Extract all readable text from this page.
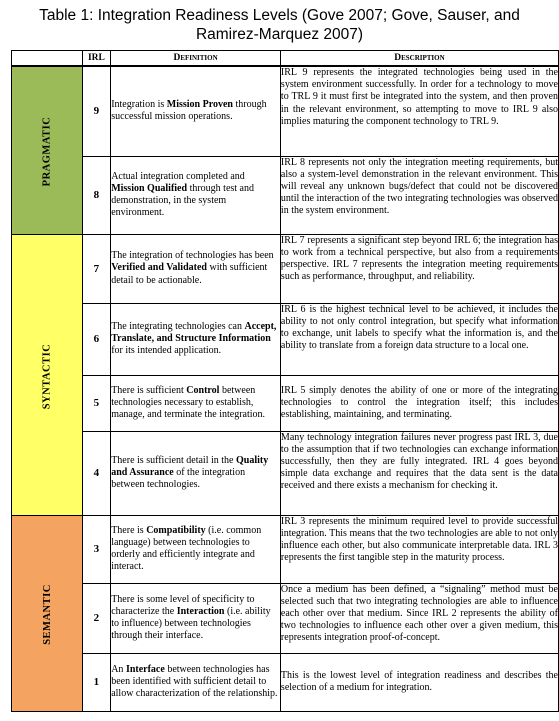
Table 1: Integration Readiness Levels (Gove 2007; Gove, Sauser, and
Ramirez-Marquez 2007)
	IRL	Definition	Description
PRAGMATIC	9	Integration is Mission Proven through successful mission operations.	IRL 9 represents the integrated technologies being used in the system environment successfully. In order for a technology to move to TRL 9 it must first be integrated into the system, and then proven in the relevant environment, so attempting to move to IRL 9 also implies maturing the component technology to TRL 9.
	8	Actual integration completed and Mission Qualified through test and demonstration, in the system environment.	IRL 8 represents not only the integration meeting requirements, but also a system-level demonstration in the relevant environment. This will reveal any unknown bugs/defect that could not be discovered until the interaction of the two integrating technologies was observed in the system environment.
SYNTACTIC	7	The integration of technologies has been Verified and Validated with sufficient detail to be actionable.	IRL 7 represents a significant step beyond IRL 6; the integration has to work from a technical perspective, but also from a requirements perspective. IRL 7 represents the integration meeting requirements such as performance, throughput, and reliability.
	6	The integrating technologies can Accept, Translate, and Structure Information for its intended application.	IRL 6 is the highest technical level to be achieved, it includes the ability to not only control integration, but specify what information to exchange, unit labels to specify what the information is, and the ability to translate from a foreign data structure to a local one.
	5	There is sufficient Control between technologies necessary to establish, manage, and terminate the integration.	IRL 5 simply denotes the ability of one or more of the integrating technologies to control the integration itself; this includes establishing, maintaining, and terminating.
	4	There is sufficient detail in the Quality and Assurance of the integration between technologies.	Many technology integration failures never progress past IRL 3, due to the assumption that if two technologies can exchange information successfully, then they are fully integrated. IRL 4 goes beyond simple data exchange and requires that the data sent is the data received and there exists a mechanism for checking it.
SEMANTIC	3	There is Compatibility (i.e. common language) between technologies to orderly and efficiently integrate and interact.	IRL 3 represents the minimum required level to provide successful integration. This means that the two technologies are able to not only influence each other, but also communicate interpretable data. IRL 3 represents the first tangible step in the maturity process.
	2	There is some level of specificity to characterize the Interaction (i.e. ability to influence) between technologies through their interface.	Once a medium has been defined, a “signaling” method must be selected such that two integrating technologies are able to influence each other over that medium. Since IRL 2 represents the ability of two technologies to influence each other over a given medium, this represents integration proof-of-concept.
	1	An Interface between technologies has been identified with sufficient detail to allow characterization of the relationship.	This is the lowest level of integration readiness and describes the selection of a medium for integration.
